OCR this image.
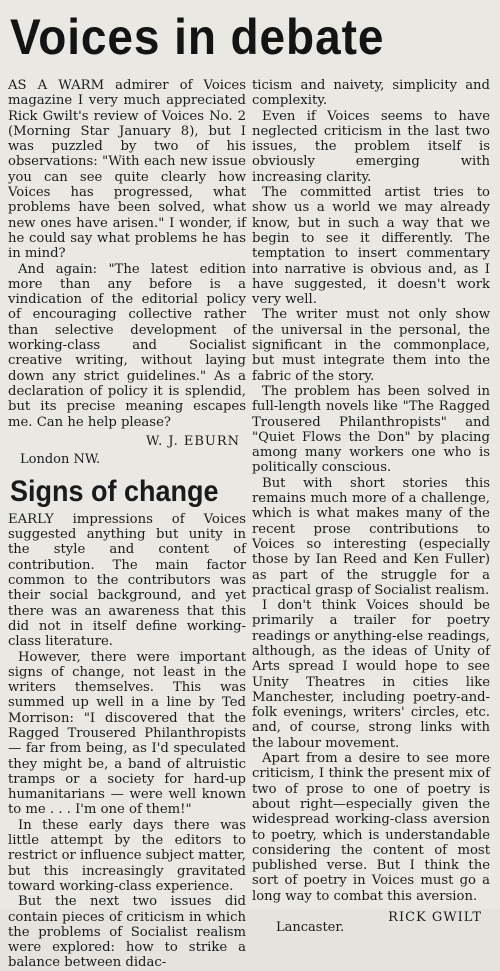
Voices in debate

AS A WARM admirer of Voices magazine I very much appreciated Rick Gwilt's review of Voices No. 2 (Morning Star January 8), but I was puzzled by two of his observations: "With each new issue you can see quite clearly how Voices has progressed, what problems have been solved, what new ones have arisen." I wonder, if he could say what problems he has in mind?

And again: "The latest edition more than any before is a vindication of the editorial policy of encouraging collective rather than selective development of working-class and Socialist creative writing, without laying down any strict guidelines." As a declaration of policy it is splendid, but its precise meaning escapes me. Can he help please?

W. J. EBURN
London NW.
Signs of change

EARLY impressions of Voices suggested anything but unity in the style and content of contribution. The main factor common to the contributors was their social background, and yet there was an awareness that this did not in itself define working-class literature.

However, there were important signs of change, not least in the writers themselves. This was summed up well in a line by Ted Morrison: "I discovered that the Ragged Trousered Philanthropists — far from being, as I'd speculated they might be, a band of altruistic tramps or a society for hard-up humanitarians — were well known to me . . . I'm one of them!"

In these early days there was little attempt by the editors to restrict or influence subject matter, but this increasingly gravitated toward working-class experience.

But the next two issues did contain pieces of criticism in which the problems of Socialist realism were explored: how to strike a balance between didac-

ticism and naivety, simplicity and complexity.

Even if Voices seems to have neglected criticism in the last two issues, the problem itself is obviously emerging with increasing clarity.

The committed artist tries to show us a world we may already know, but in such a way that we begin to see it differently. The temptation to insert commentary into narrative is obvious and, as I have suggested, it doesn't work very well.

The writer must not only show the universal in the personal, the significant in the commonplace, but must integrate them into the fabric of the story.

The problem has been solved in full-length novels like "The Ragged Trousered Philanthropists" and "Quiet Flows the Don" by placing among many workers one who is politically conscious.

But with short stories this remains much more of a challenge, which is what makes many of the recent prose contributions to Voices so interesting (especially those by Ian Reed and Ken Fuller) as part of the struggle for a practical grasp of Socialist realism.

I don't think Voices should be primarily a trailer for poetry readings or anything-else readings, although, as the ideas of Unity of Arts spread I would hope to see Unity Theatres in cities like Manchester, including poetry-and-folk evenings, writers' circles, etc. and, of course, strong links with the labour movement.

Apart from a desire to see more criticism, I think the present mix of two of prose to one of poetry is about right—especially given the widespread working-class aversion to poetry, which is understandable considering the content of most published verse. But I think the sort of poetry in Voices must go a long way to combat this aversion.

Lancaster.
RICK GWILT
